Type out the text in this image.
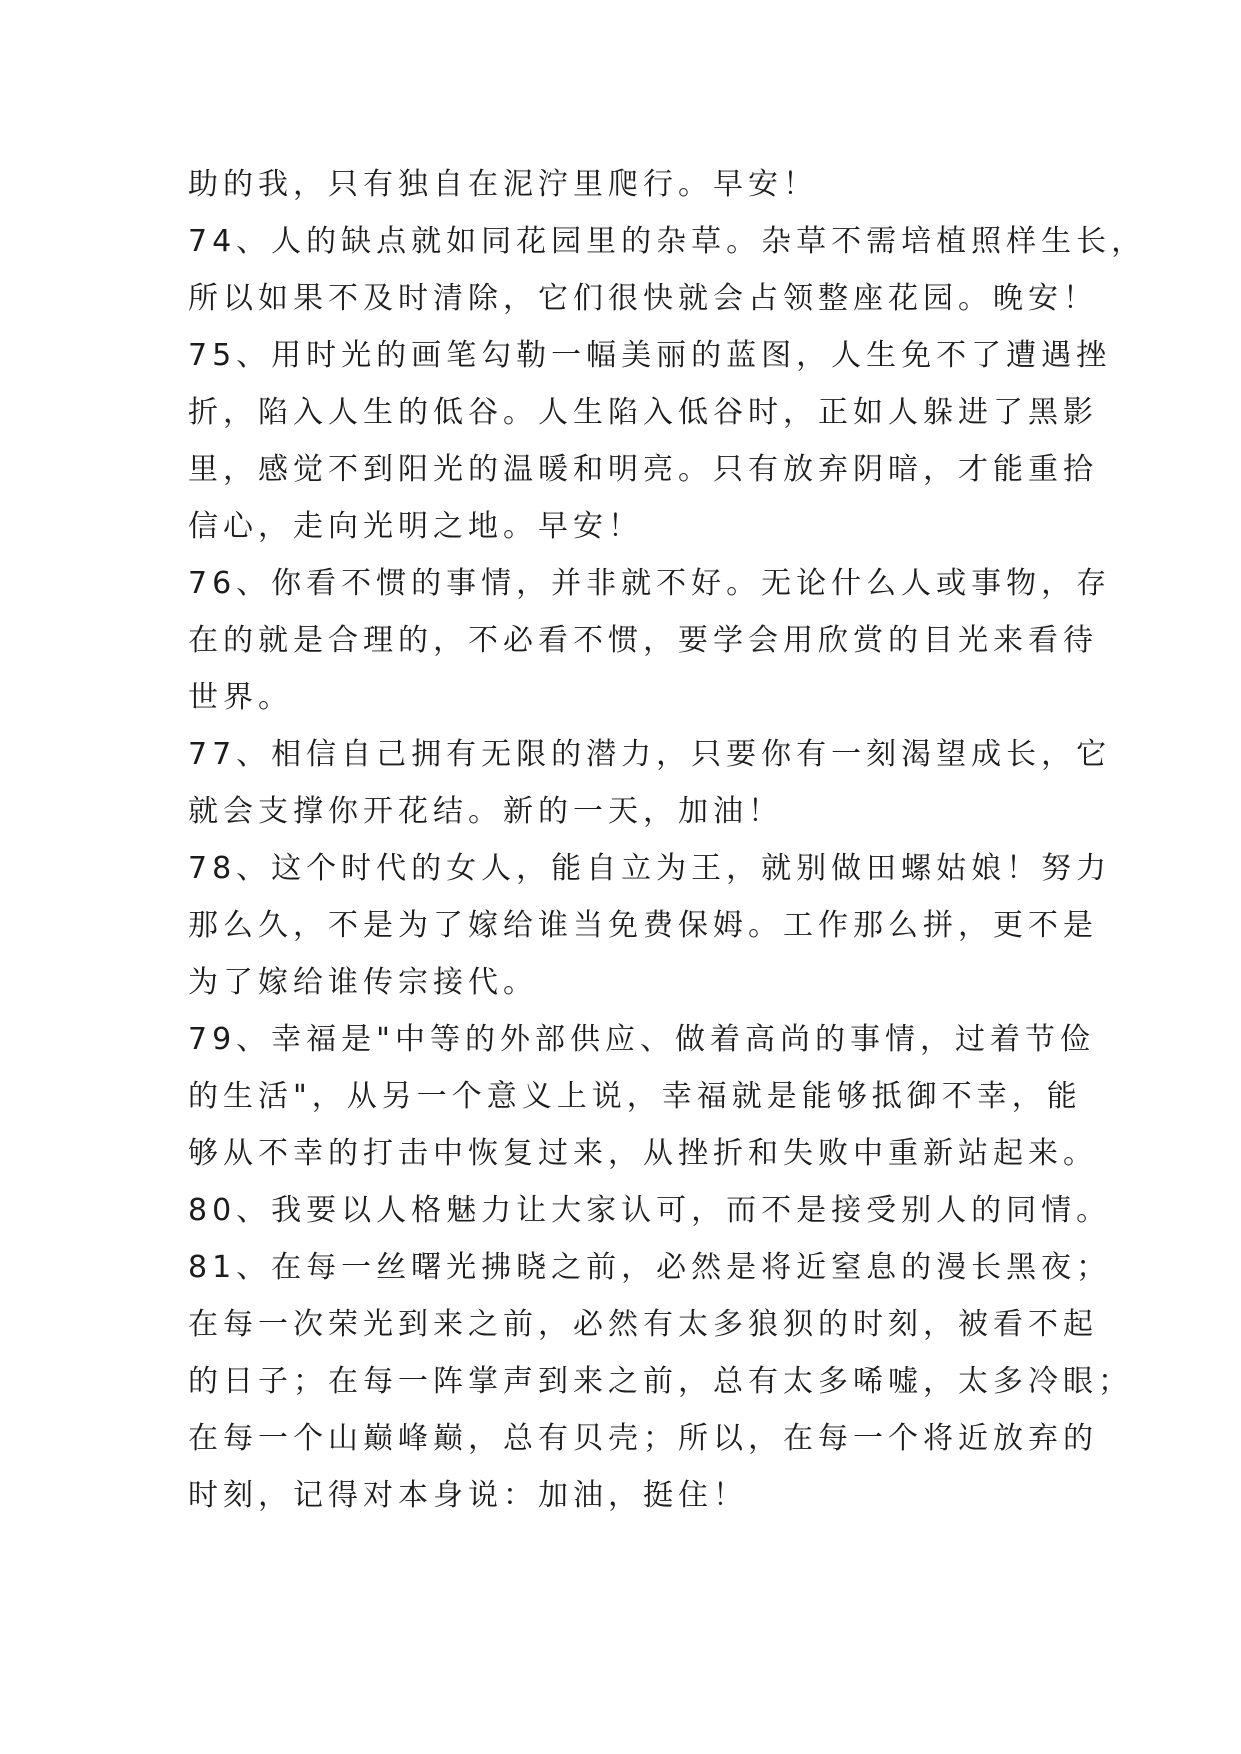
助的我，只有独自在泥泞里爬行。早安！

74、人的缺点就如同花园里的杂草。杂草不需培植照样生长，

所以如果不及时清除，它们很快就会占领整座花园。晚安！

75、用时光的画笔勾勒一幅美丽的蓝图，人生免不了遭遇挫

折，陷入人生的低谷。人生陷入低谷时，正如人躲进了黑影

里，感觉不到阳光的温暖和明亮。只有放弃阴暗，才能重拾

信心，走向光明之地。早安！

76、你看不惯的事情，并非就不好。无论什么人或事物，存

在的就是合理的，不必看不惯，要学会用欣赏的目光来看待

世界。

77、相信自己拥有无限的潜力，只要你有一刻渴望成长，它

就会支撑你开花结。新的一天，加油！

78、这个时代的女人，能自立为王，就别做田螺姑娘！努力

那么久，不是为了嫁给谁当免费保姆。工作那么拼，更不是

为了嫁给谁传宗接代。

79、幸福是"中等的外部供应、做着高尚的事情，过着节俭

的生活"，从另一个意义上说，幸福就是能够抵御不幸，能

够从不幸的打击中恢复过来，从挫折和失败中重新站起来。

80、我要以人格魅力让大家认可，而不是接受别人的同情。

81、在每一丝曙光拂晓之前，必然是将近窒息的漫长黑夜；

在每一次荣光到来之前，必然有太多狼狈的时刻，被看不起

的日子；在每一阵掌声到来之前，总有太多唏嘘，太多冷眼；

在每一个山巅峰巅，总有贝壳；所以，在每一个将近放弃的

时刻，记得对本身说：加油，挺住！
